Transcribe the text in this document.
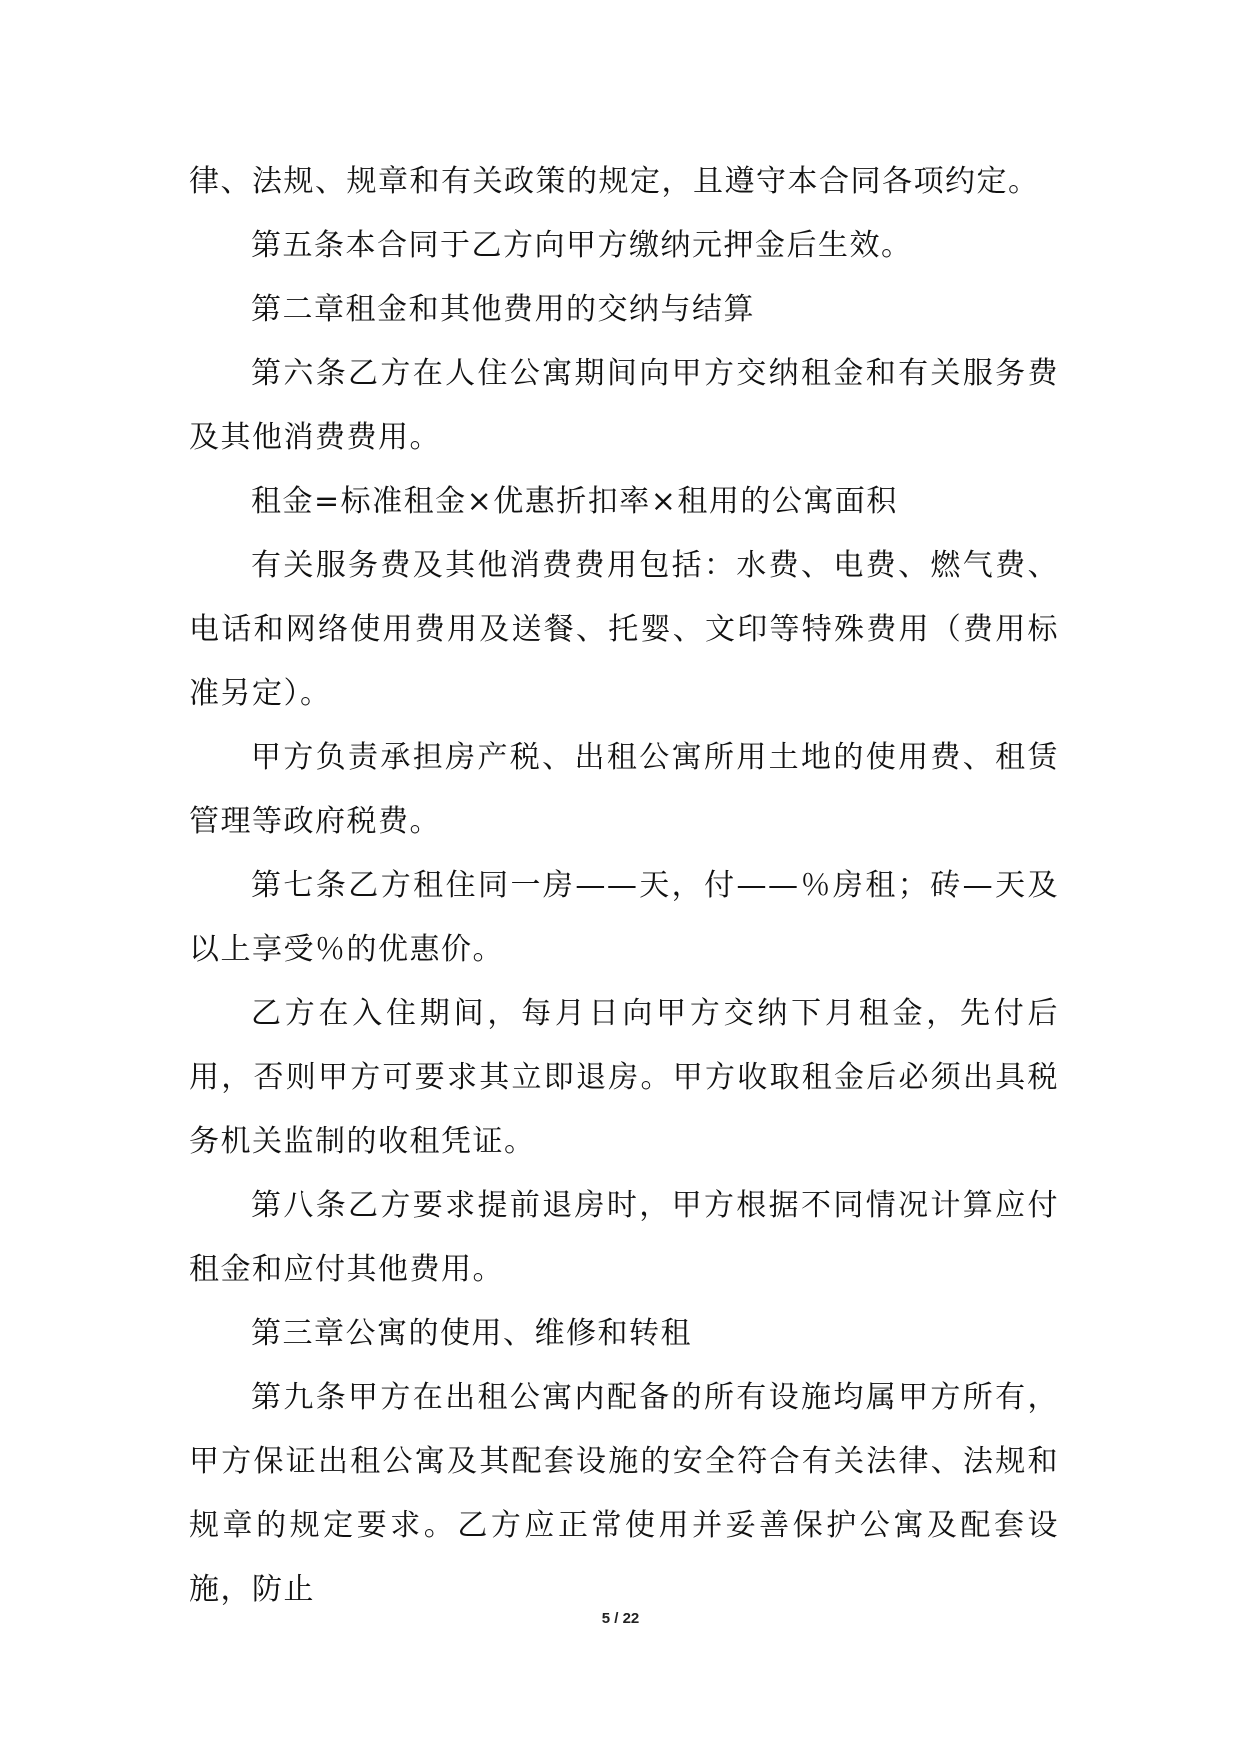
律、法规、规章和有关政策的规定，且遵守本合同各项约定。

第五条本合同于乙方向甲方缴纳元押金后生效。

第二章租金和其他费用的交纳与结算

第六条乙方在人住公寓期间向甲方交纳租金和有关服务费及其他消费费用。

租金=标准租金×优惠折扣率×租用的公寓面积

有关服务费及其他消费费用包括：水费、电费、燃气费、电话和网络使用费用及送餐、托婴、文印等特殊费用（费用标准另定）。

甲方负责承担房产税、出租公寓所用土地的使用费、租赁管理等政府税费。

第七条乙方租住同一房——天，付——％房租；砖—天及以上享受％的优惠价。

乙方在入住期间，每月日向甲方交纳下月租金，先付后用，否则甲方可要求其立即退房。甲方收取租金后必须出具税务机关监制的收租凭证。

第八条乙方要求提前退房时，甲方根据不同情况计算应付租金和应付其他费用。

第三章公寓的使用、维修和转租

第九条甲方在出租公寓内配备的所有设施均属甲方所有，甲方保证出租公寓及其配套设施的安全符合有关法律、法规和规章的规定要求。乙方应正常使用并妥善保护公寓及配套设施，防止

5 / 22
